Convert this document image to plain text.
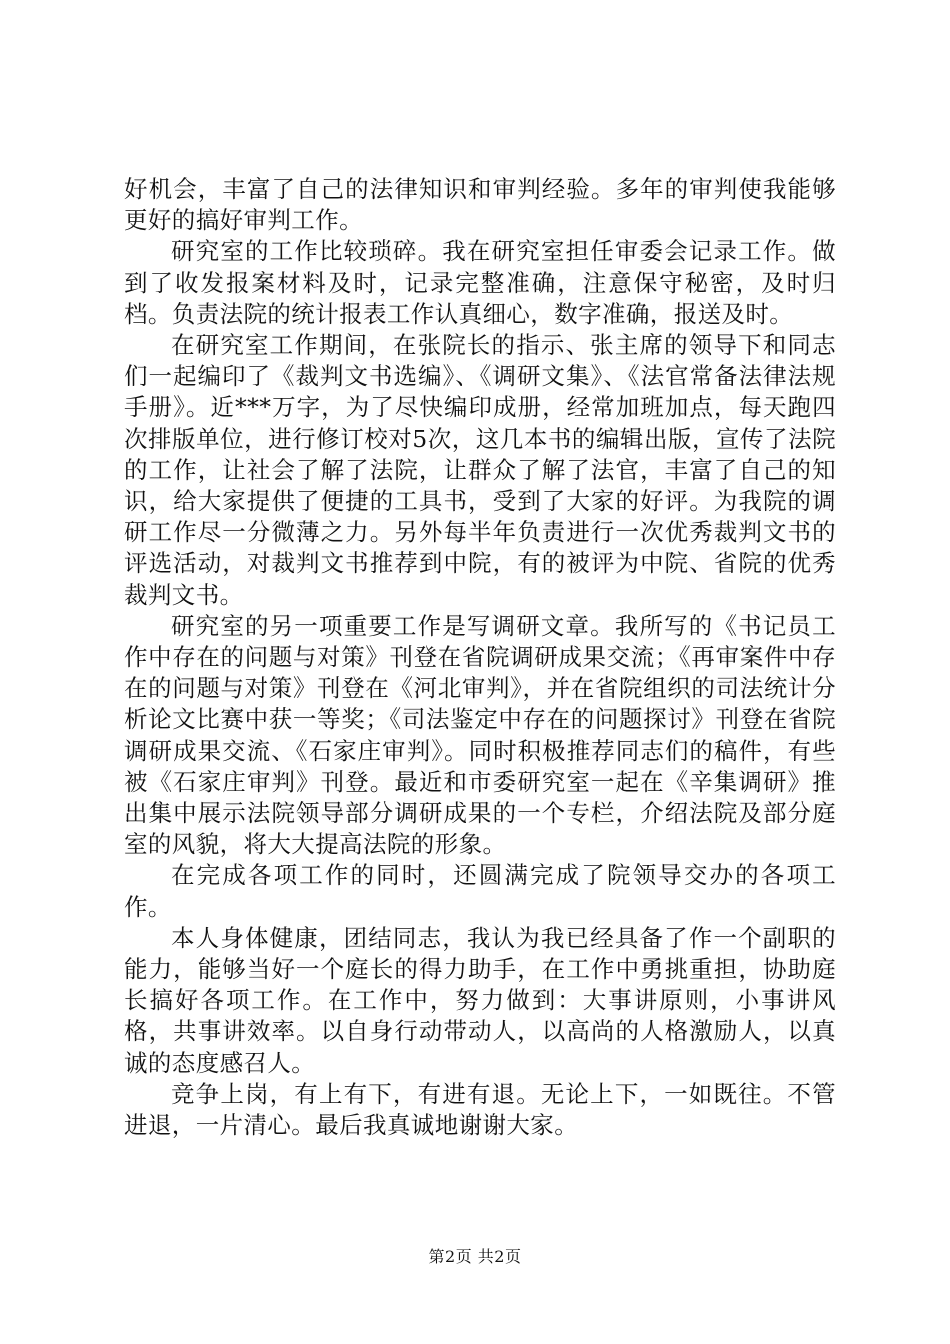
好机会，丰富了自己的法律知识和审判经验。多年的审判使我能够更好的搞好审判工作。

研究室的工作比较琐碎。我在研究室担任审委会记录工作。做到了收发报案材料及时，记录完整准确，注意保守秘密，及时归档。负责法院的统计报表工作认真细心，数字准确，报送及时。

在研究室工作期间，在张院长的指示、张主席的领导下和同志们一起编印了《裁判文书选编》、《调研文集》、《法官常备法律法规手册》。近***万字，为了尽快编印成册，经常加班加点，每天跑四次排版单位，进行修订校对5次，这几本书的编辑出版，宣传了法院的工作，让社会了解了法院，让群众了解了法官，丰富了自己的知识，给大家提供了便捷的工具书，受到了大家的好评。为我院的调研工作尽一分微薄之力。另外每半年负责进行一次优秀裁判文书的评选活动，对裁判文书推荐到中院，有的被评为中院、省院的优秀裁判文书。

研究室的另一项重要工作是写调研文章。我所写的《书记员工作中存在的问题与对策》刊登在省院调研成果交流；《再审案件中存在的问题与对策》刊登在《河北审判》，并在省院组织的司法统计分析论文比赛中获一等奖；《司法鉴定中存在的问题探讨》刊登在省院调研成果交流、《石家庄审判》。同时积极推荐同志们的稿件，有些被《石家庄审判》刊登。最近和市委研究室一起在《辛集调研》推出集中展示法院领导部分调研成果的一个专栏，介绍法院及部分庭室的风貌，将大大提高法院的形象。

在完成各项工作的同时，还圆满完成了院领导交办的各项工作。

本人身体健康，团结同志，我认为我已经具备了作一个副职的能力，能够当好一个庭长的得力助手，在工作中勇挑重担，协助庭长搞好各项工作。在工作中，努力做到：大事讲原则，小事讲风格，共事讲效率。以自身行动带动人，以高尚的人格激励人，以真诚的态度感召人。

竞争上岗，有上有下，有进有退。无论上下，一如既往。不管进退，一片清心。最后我真诚地谢谢大家。

第2页 共2页
